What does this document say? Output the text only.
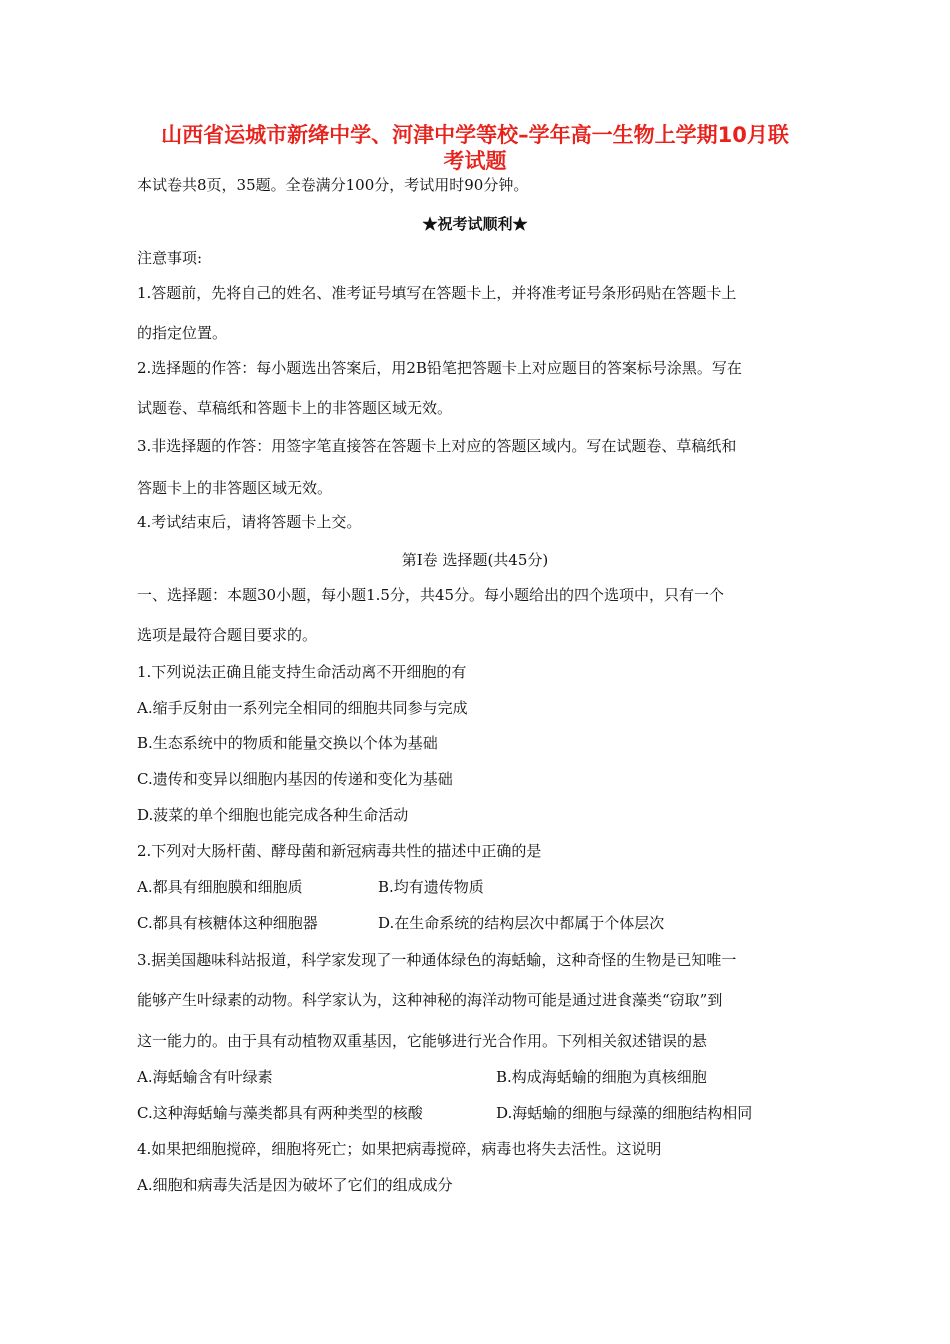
山西省运城市新绛中学、河津中学等校–学年高一生物上学期10月联
考试题
本试卷共8页，35题。全卷满分100分，考试用时90分钟。
★祝考试顺利★
注意事项:
1.答题前，先将自己的姓名、准考证号填写在答题卡上，并将准考证号条形码贴在答题卡上
的指定位置。
2.选择题的作答：每小题选出答案后，用2B铅笔把答题卡上对应题目的答案标号涂黑。写在
试题卷、草稿纸和答题卡上的非答题区域无效。
3.非选择题的作答：用签字笔直接答在答题卡上对应的答题区域内。写在试题卷、草稿纸和
答题卡上的非答题区域无效。
4.考试结束后，请将答题卡上交。
第Ⅰ卷 选择题(共45分)
一、选择题：本题30小题，每小题1.5分，共45分。每小题给出的四个选项中，只有一个
选项是最符合题目要求的。
1.下列说法正确且能支持生命活动离不开细胞的有
A.缩手反射由一系列完全相同的细胞共同参与完成
B.生态系统中的物质和能量交换以个体为基础
C.遗传和变异以细胞内基因的传递和变化为基础
D.菠菜的单个细胞也能完成各种生命活动
2.下列对大肠杆菌、酵母菌和新冠病毒共性的描述中正确的是
A.都具有细胞膜和细胞质	B.均有遗传物质
C.都具有核糖体这种细胞器	D.在生命系统的结构层次中都属于个体层次
3.据美国趣味科站报道，科学家发现了一种通体绿色的海蛞蝓，这种奇怪的生物是已知唯一
能够产生叶绿素的动物。科学家认为，这种神秘的海洋动物可能是通过进食藻类“窃取”到
这一能力的。由于具有动植物双重基因，它能够进行光合作用。下列相关叙述错误的悬
A.海蛞蝓含有叶绿素	B.构成海蛞蝓的细胞为真核细胞
C.这种海蛞蝓与藻类都具有两种类型的核酸	D.海蛞蝓的细胞与绿藻的细胞结构相同
4.如果把细胞搅碎，细胞将死亡；如果把病毒搅碎，病毒也将失去活性。这说明
A.细胞和病毒失活是因为破坏了它们的组成成分
